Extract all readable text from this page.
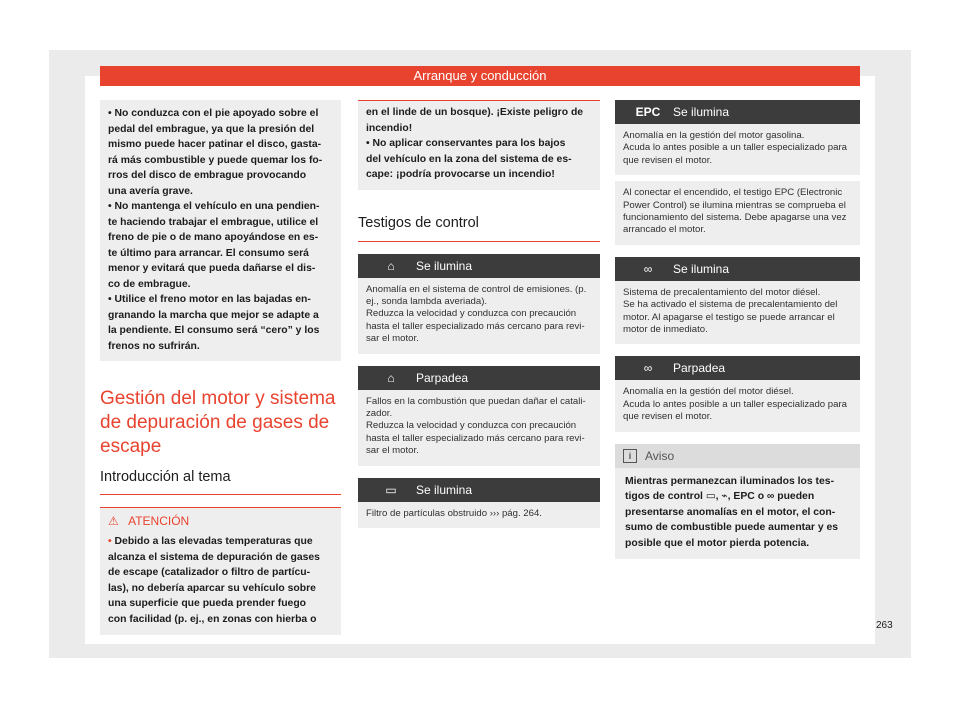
Arranque y conducción
• No conduzca con el pie apoyado sobre el
pedal del embrague, ya que la presión del
mismo puede hacer patinar el disco, gasta-
rá más combustible y puede quemar los fo-
rros del disco de embrague provocando
una avería grave.
• No mantenga el vehículo en una pendien-
te haciendo trabajar el embrague, utilice el
freno de pie o de mano apoyándose en es-
te último para arrancar. El consumo será
menor y evitará que pueda dañarse el dis-
co de embrague.
• Utilice el freno motor en las bajadas en-
granando la marcha que mejor se adapte a
la pendiente. El consumo será “cero” y los
frenos no sufrirán.
Gestión del motor y sistema
de depuración de gases de
escape
Introducción al tema
⚠ ATENCIÓN
• Debido a las elevadas temperaturas que
alcanza el sistema de depuración de gases
de escape (catalizador o filtro de partícu-
las), no debería aparcar su vehículo sobre
una superficie que pueda prender fuego
con facilidad (p. ej., en zonas con hierba o
en el linde de un bosque). ¡Existe peligro de
incendio!
• No aplicar conservantes para los bajos
del vehículo en la zona del sistema de es-
cape: ¡podría provocarse un incendio!
Testigos de control
⌂	Se ilumina
Anomalía en el sistema de control de emisiones. (p.
ej., sonda lambda averiada).
Reduzca la velocidad y conduzca con precaución
hasta el taller especializado más cercano para revi-
sar el motor.
⌂	Parpadea
Fallos en la combustión que puedan dañar el catali-
zador.
Reduzca la velocidad y conduzca con precaución
hasta el taller especializado más cercano para revi-
sar el motor.
▭	Se ilumina
Filtro de partículas obstruido ››› pág. 264.
EPC	Se ilumina
Anomalía en la gestión del motor gasolina.
Acuda lo antes posible a un taller especializado para
que revisen el motor.
Al conectar el encendido, el testigo EPC (Electronic
Power Control) se ilumina mientras se comprueba el
funcionamiento del sistema. Debe apagarse una vez
arrancado el motor.
∞	Se ilumina
Sistema de precalentamiento del motor diésel.
Se ha activado el sistema de precalentamiento del
motor. Al apagarse el testigo se puede arrancar el
motor de inmediato.
∞	Parpadea
Anomalía en la gestión del motor diésel.
Acuda lo antes posible a un taller especializado para
que revisen el motor.
i	Aviso
Mientras permanezcan iluminados los tes-
tigos de control ▭, ⌁, EPC o ∞ pueden
presentarse anomalías en el motor, el con-
sumo de combustible puede aumentar y es
posible que el motor pierda potencia.
263
